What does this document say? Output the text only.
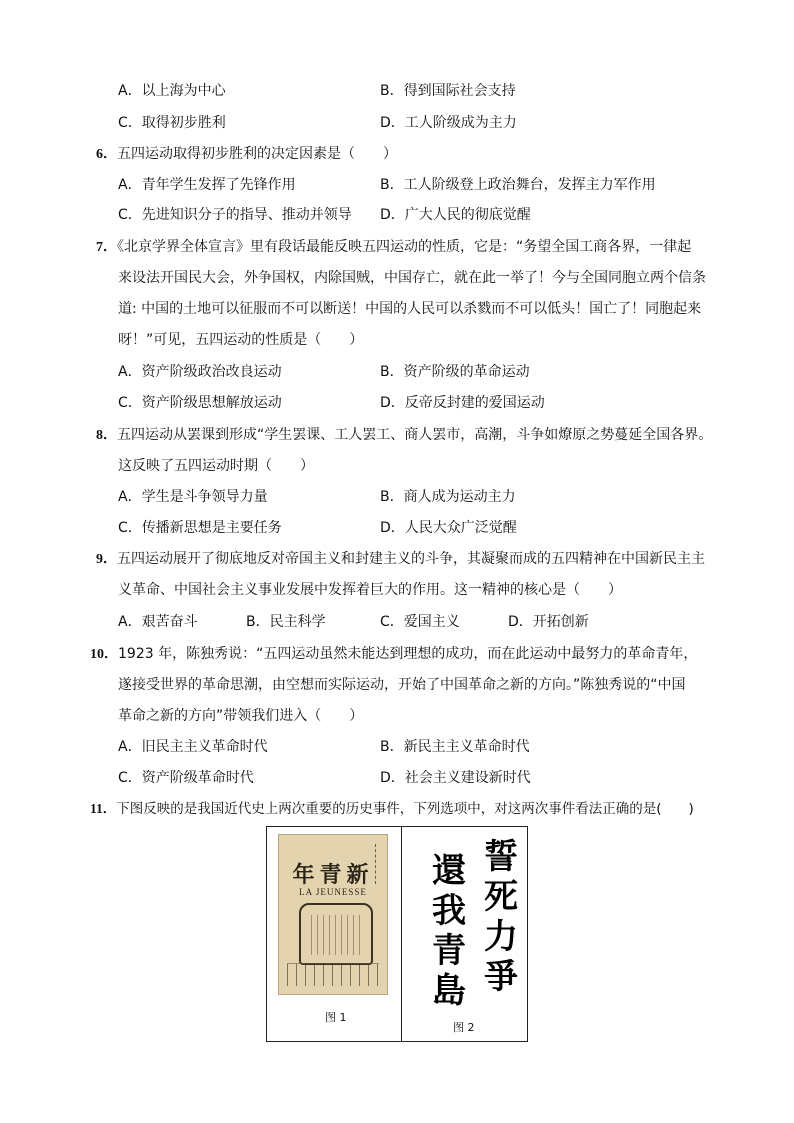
A．以上海为中心	B．得到国际社会支持
C．取得初步胜利	D．工人阶级成为主力
6．五四运动取得初步胜利的决定因素是（　　）
A．青年学生发挥了先锋作用	B．工人阶级登上政治舞台，发挥主力军作用
C．先进知识分子的指导、推动并领导 D．广大人民的彻底觉醒
7．《北京学界全体宣言》里有段话最能反映五四运动的性质，它是：“务望全国工商各界，一律起
来设法开国民大会，外争国权，内除国贼，中国存亡，就在此一举了！今与全国同胞立两个信条
道: 中国的土地可以征服而不可以断送！中国的人民可以杀戮而不可以低头！国亡了！同胞起来
呀！”可见，五四运动的性质是（　　）
A．资产阶级政治改良运动	B．资产阶级的革命运动
C．资产阶级思想解放运动	D．反帝反封建的爱国运动
8．五四运动从罢课到形成“学生罢课、工人罢工、商人罢市，高潮，斗争如燎原之势蔓延全国各界。
这反映了五四运动时期（　　）
A．学生是斗争领导力量	B．商人成为运动主力
C．传播新思想是主要任务	D．人民大众广泛觉醒
9．五四运动展开了彻底地反对帝国主义和封建主义的斗争，其凝聚而成的五四精神在中国新民主主
义革命、中国社会主义事业发展中发挥着巨大的作用。这一精神的核心是（　　）
A．艰苦奋斗	B．民主科学	C．爱国主义	D．开拓创新
10．1923 年，陈独秀说：“五四运动虽然未能达到理想的成功，而在此运动中最努力的革命青年，
遂接受世界的革命思潮，由空想而实际运动，开始了中国革命之新的方向。”陈独秀说的“中国
革命之新的方向”带领我们进入（　　）
A．旧民主主义革命时代	B．新民主主义革命时代
C．资产阶级革命时代	D．社会主义建设新时代
11．下图反映的是我国近代史上两次重要的历史事件，下列选项中，对这两次事件看法正确的是(　　)
年青新
LA JEUNESSE
图 1
誓
死
力
爭
還
我
青
島
图 2
